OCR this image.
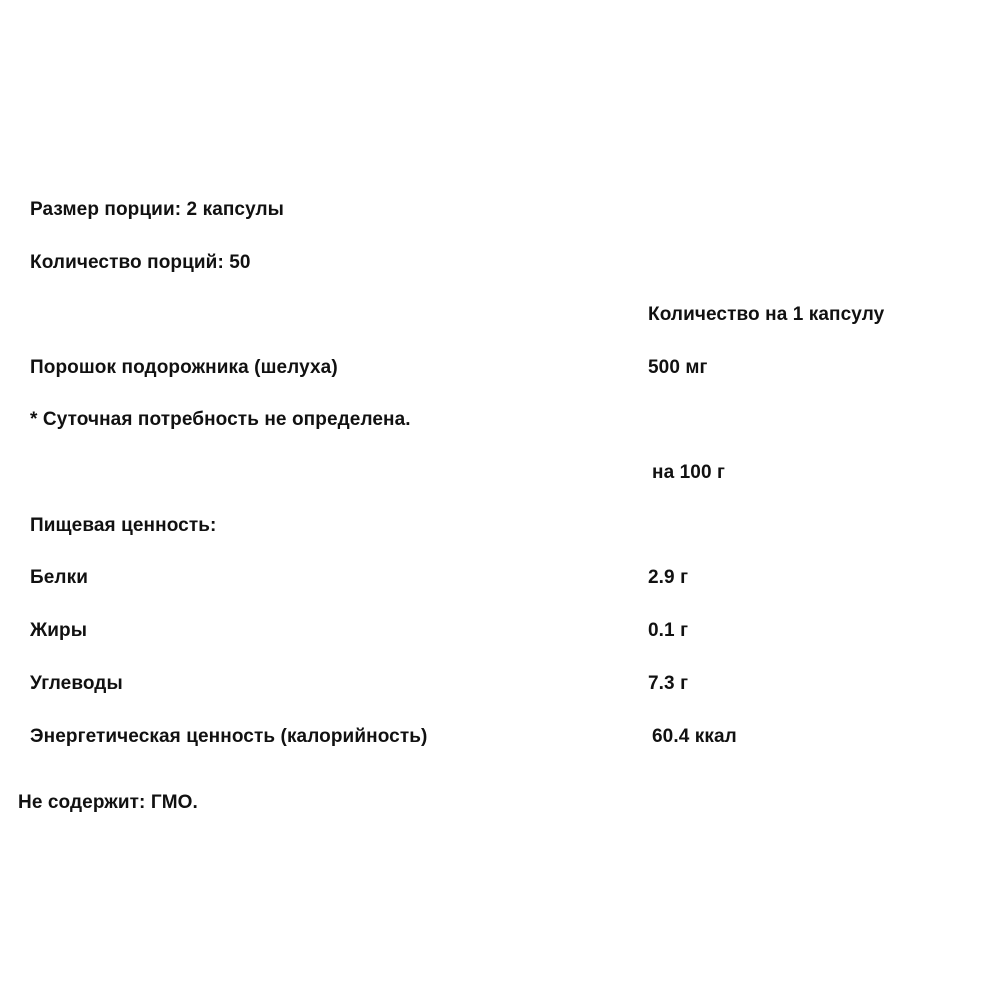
Размер порции: 2 капсулы
Количество порций: 50
Количество на 1 капсулу
Порошок подорожника (шелуха)	500 мг
* Суточная потребность не определена.
на 100 г
Пищевая ценность:
Белки	2.9 г
Жиры	0.1 г
Углеводы	7.3 г
Энергетическая ценность (калорийность)	60.4 ккал
Не содержит: ГМО.
